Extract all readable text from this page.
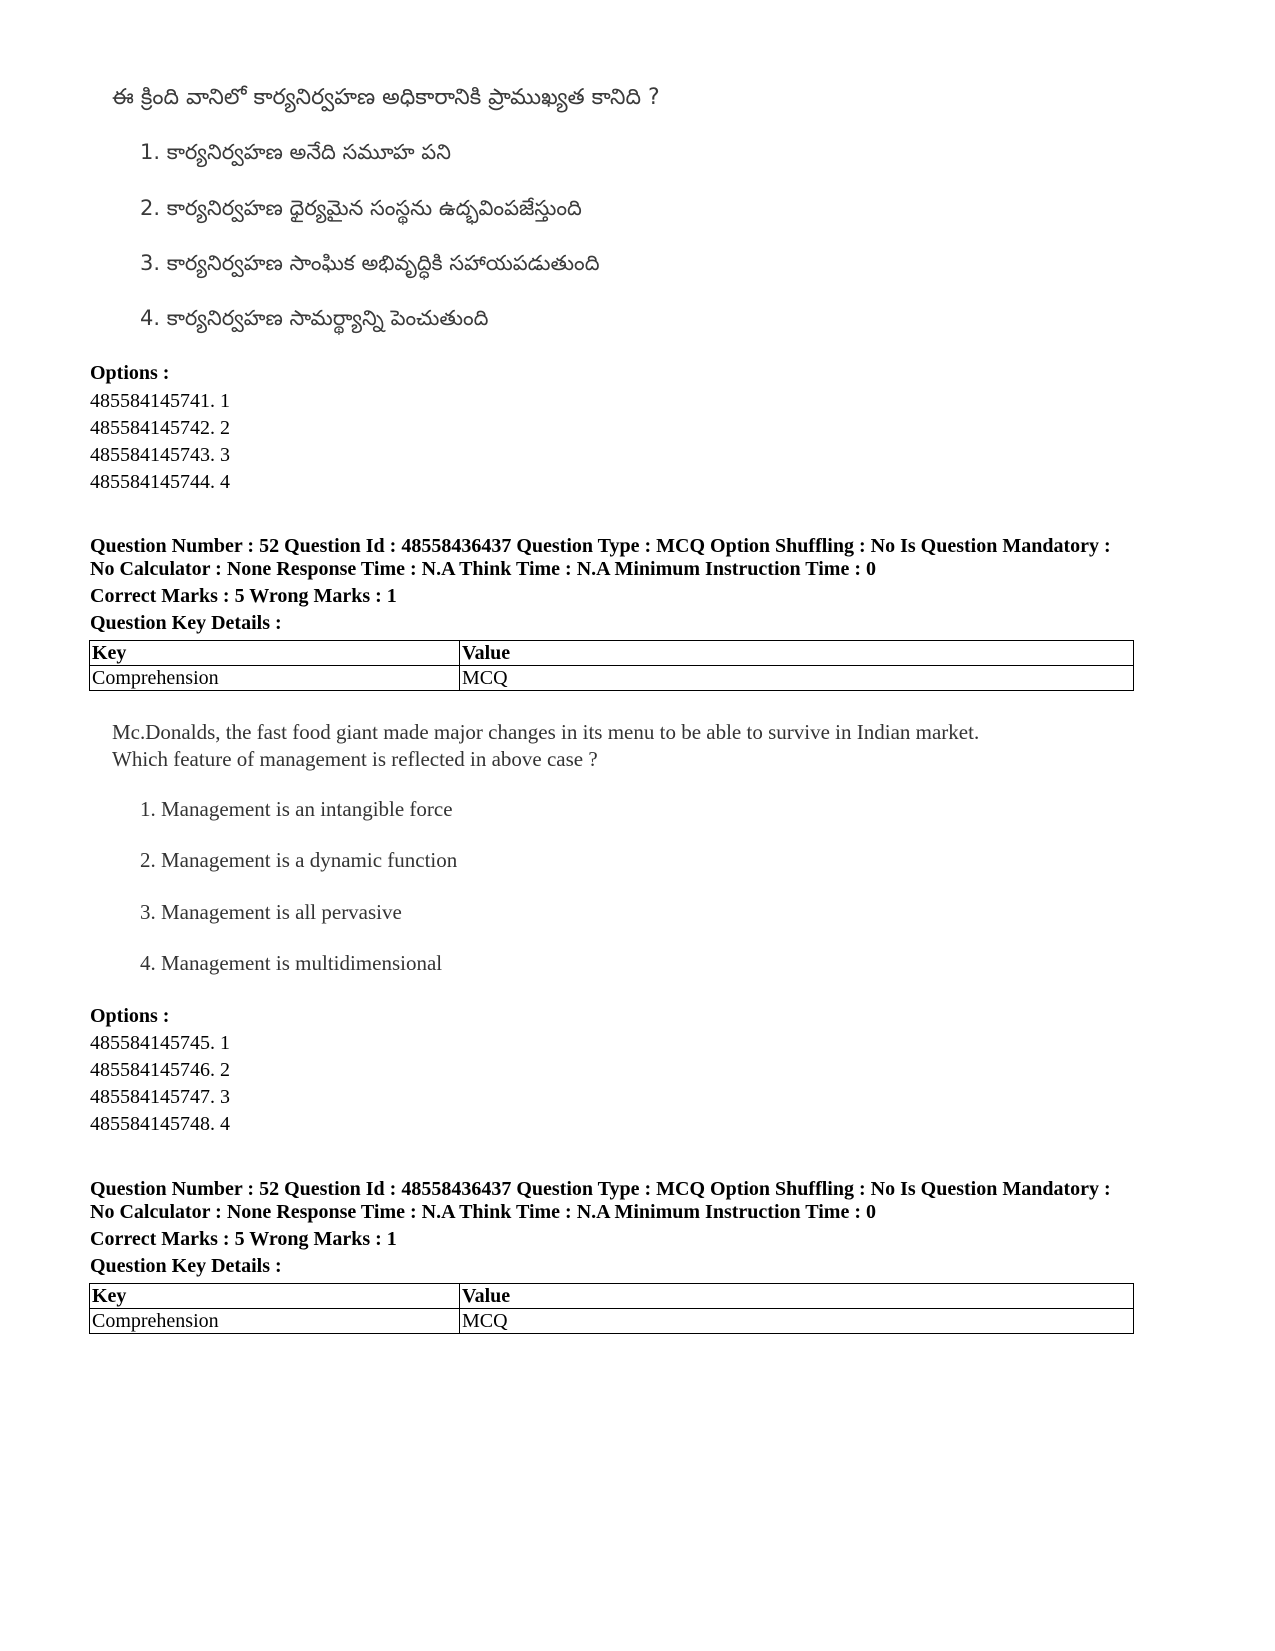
ఈ క్రింది వానిలో కార్యనిర్వహణ అధికారానికి ప్రాముఖ్యత కానిది ?
1. కార్యనిర్వహణ అనేది సమూహ పని
2. కార్యనిర్వహణ ధైర్యమైన సంస్థను ఉద్భవింపజేస్తుంది
3. కార్యనిర్వహణ సాంఘిక అభివృద్ధికి సహాయపడుతుంది
4. కార్యనిర్వహణ సామర్థ్యాన్ని పెంచుతుంది
Options :
485584145741. 1
485584145742. 2
485584145743. 3
485584145744. 4
Question Number : 52 Question Id : 48558436437 Question Type : MCQ Option Shuffling : No Is Question Mandatory :
No Calculator : None Response Time : N.A Think Time : N.A Minimum Instruction Time : 0
Correct Marks : 5 Wrong Marks : 1
Question Key Details :
Key	Value
Comprehension	MCQ
Mc.Donalds, the fast food giant made major changes in its menu to be able to survive in Indian market.
Which feature of management is reflected in above case ?
1. Management is an intangible force
2. Management is a dynamic function
3. Management is all pervasive
4. Management is multidimensional
Options :
485584145745. 1
485584145746. 2
485584145747. 3
485584145748. 4
Question Number : 52 Question Id : 48558436437 Question Type : MCQ Option Shuffling : No Is Question Mandatory :
No Calculator : None Response Time : N.A Think Time : N.A Minimum Instruction Time : 0
Correct Marks : 5 Wrong Marks : 1
Question Key Details :
Key	Value
Comprehension	MCQ
